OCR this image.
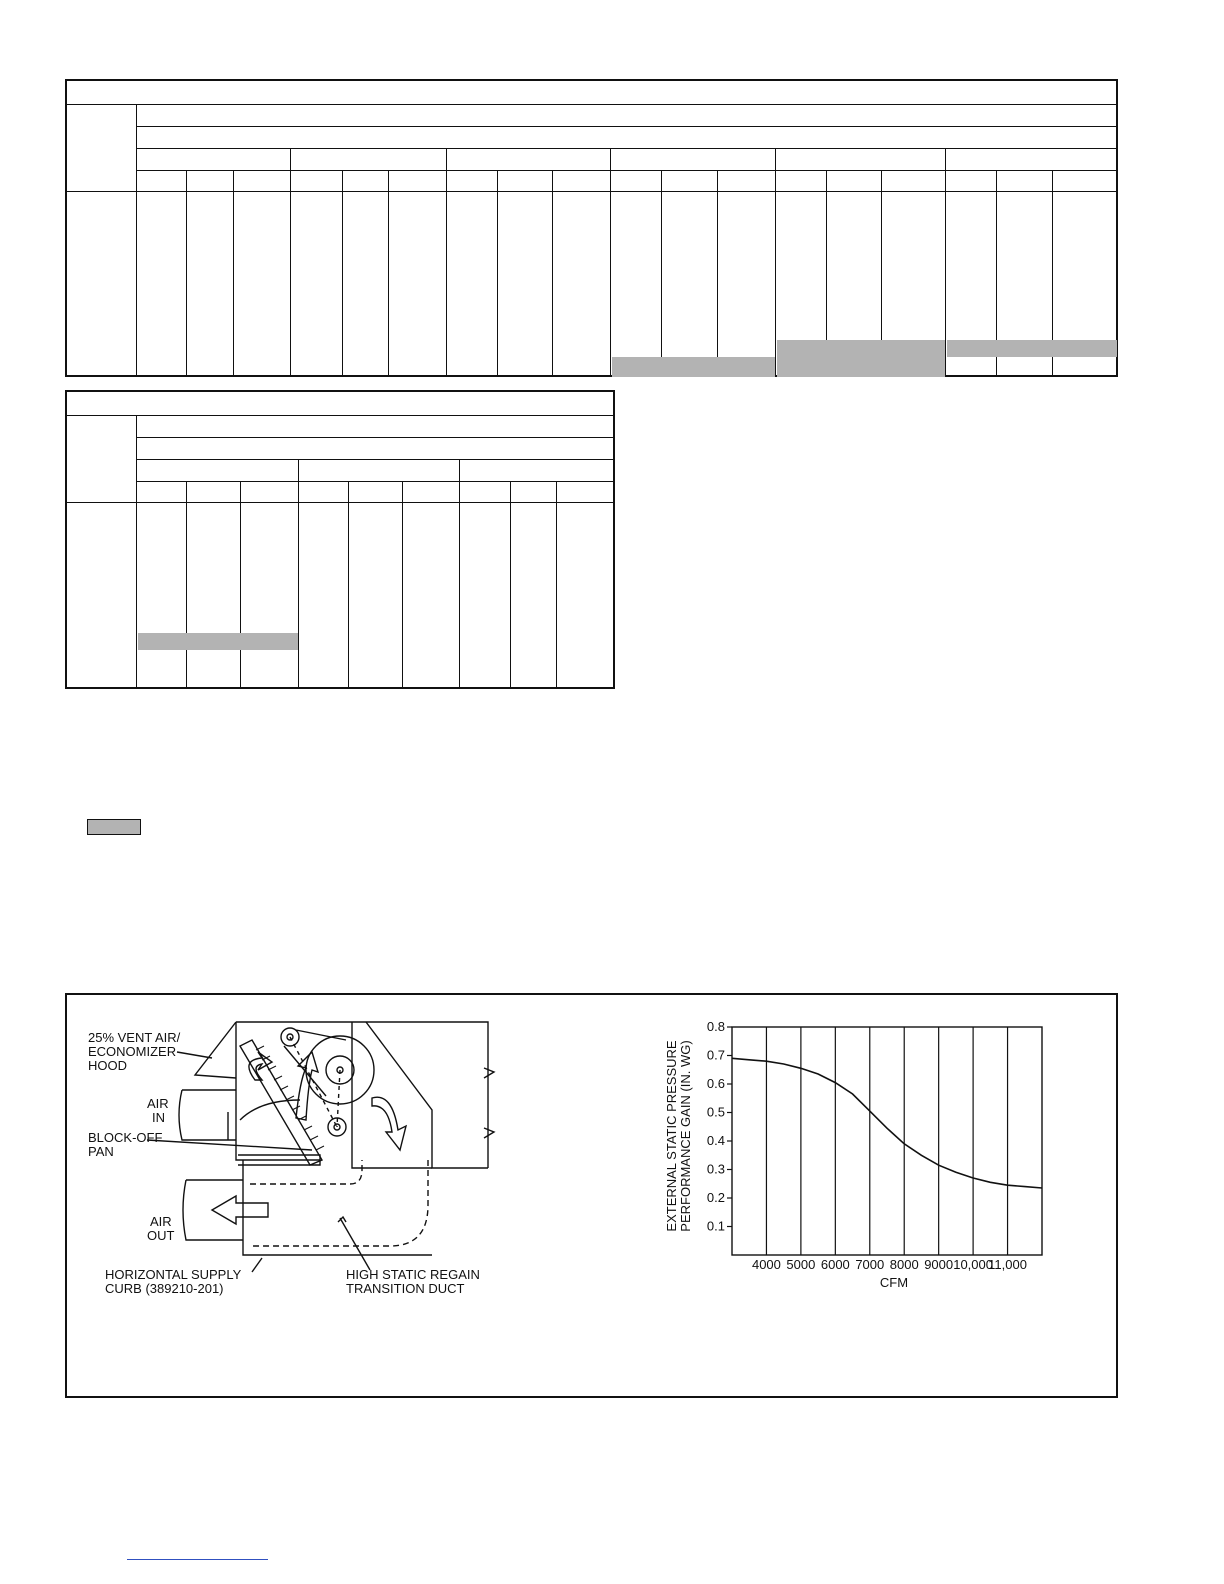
25% VENT AIR/
ECONOMIZER
HOOD
AIR
IN
BLOCK-OFF
PAN
AIR
OUT
HORIZONTAL SUPPLY
CURB (389210-201)
HIGH STATIC REGAIN
TRANSITION DUCT
0.1
0.2
0.3
0.4
0.5
0.6
0.7
0.8
4000 5000 6000 7000 8000 9000 10,000
11,000
CFM
EXTERNAL STATIC PRESSURE PERFORMANCE GAIN (IN. WG)
